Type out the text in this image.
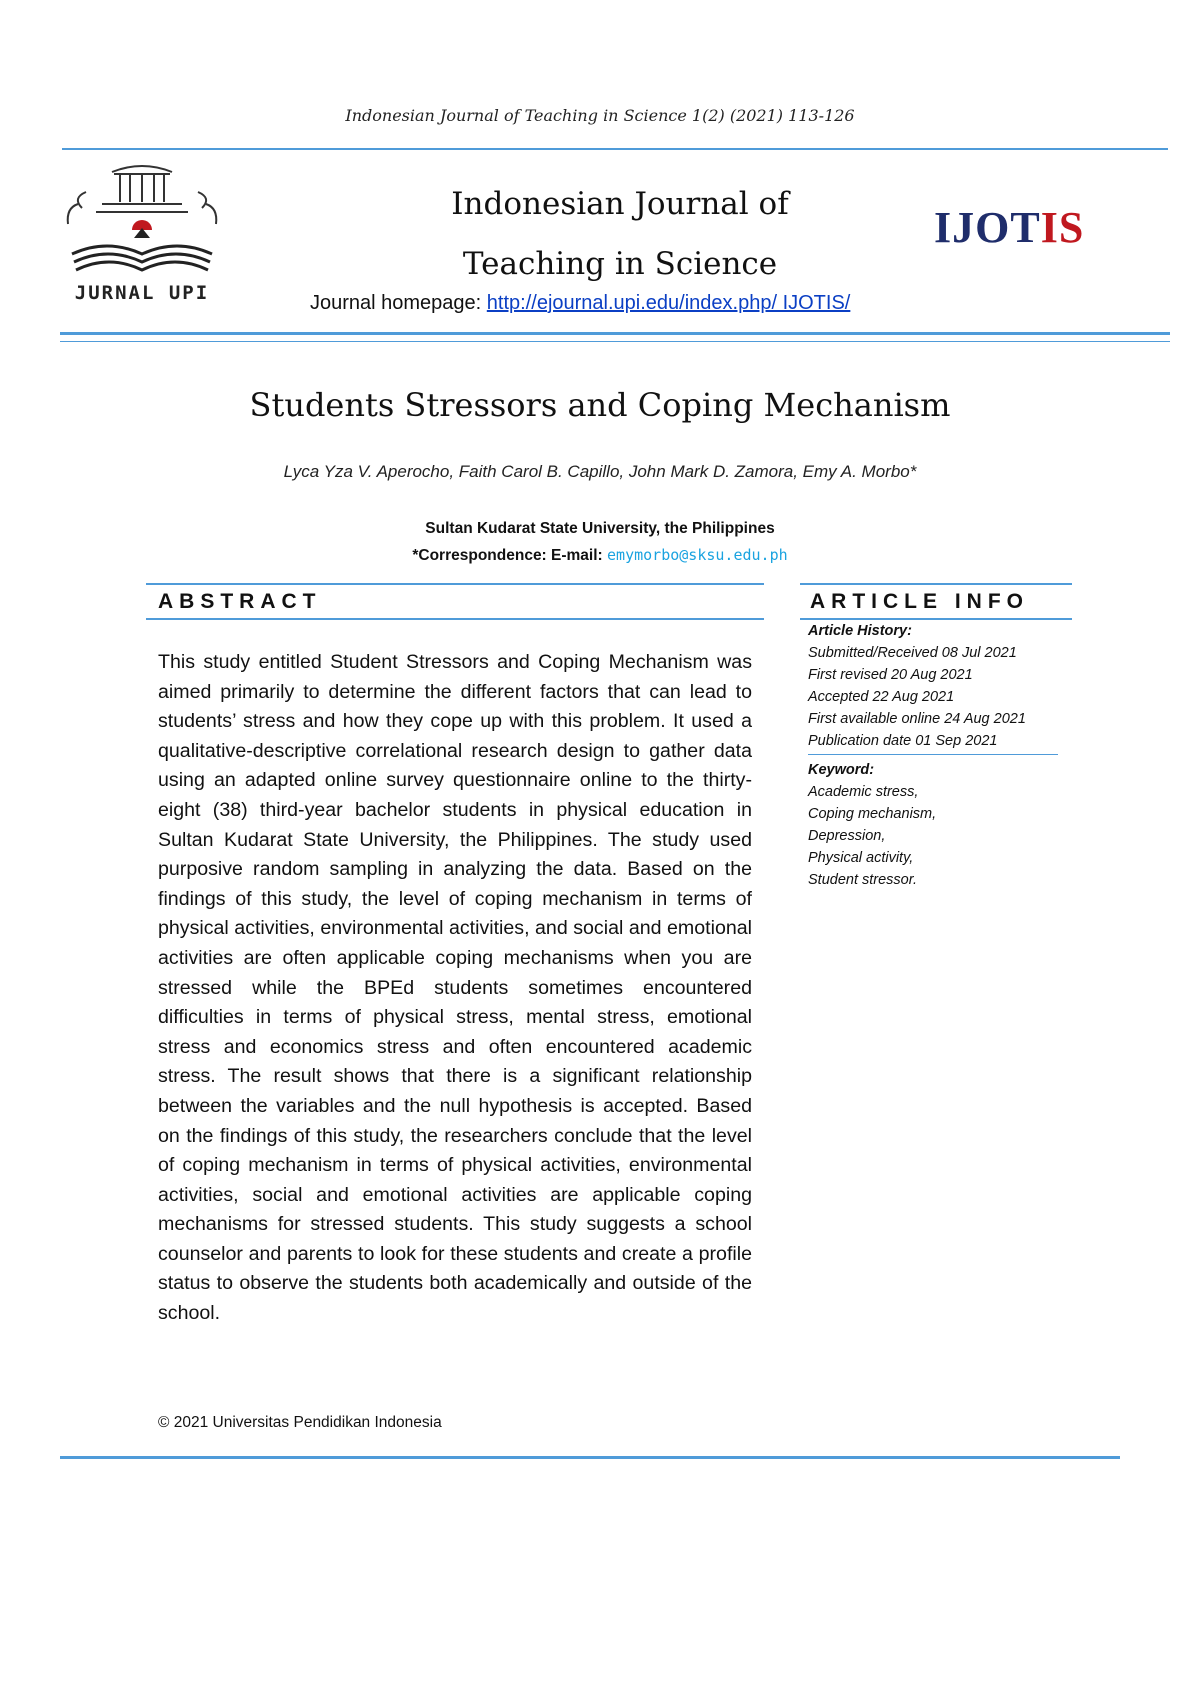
Indonesian Journal of Teaching in Science 1(2) (2021) 113-126
JURNAL UPI
Indonesian Journal of
Teaching in Science
IJOTIS
Journal homepage: http://ejournal.upi.edu/index.php/ IJOTIS/
Students Stressors and Coping Mechanism
Lyca Yza V. Aperocho, Faith Carol B. Capillo, John Mark D. Zamora, Emy A. Morbo*
Sultan Kudarat State University, the Philippines
*Correspondence: E-mail: emymorbo@sksu.edu.ph
ABSTRACT
This study entitled Student Stressors and Coping Mechanism was aimed primarily to determine the different factors that can lead to students’ stress and how they cope up with this problem. It used a qualitative-descriptive correlational research design to gather data using an adapted online survey questionnaire online to the thirty-eight (38) third-year bachelor students in physical education in Sultan Kudarat State University, the Philippines. The study used purposive random sampling in analyzing the data. Based on the findings of this study, the level of coping mechanism in terms of physical activities, environmental activities, and social and emotional activities are often applicable coping mechanisms when you are stressed while the BPEd students sometimes encountered difficulties in terms of physical stress, mental stress, emotional stress and economics stress and often encountered academic stress. The result shows that there is a significant relationship between the variables and the null hypothesis is accepted. Based on the findings of this study, the researchers conclude that the level of coping mechanism in terms of physical activities, environmental activities, social and emotional activities are applicable coping mechanisms for stressed students. This study suggests a school counselor and parents to look for these students and create a profile status to observe the students both academically and outside of the school.
ARTICLE INFO
Article History:
Submitted/Received 08 Jul 2021
First revised 20 Aug 2021
Accepted 22 Aug 2021
First available online 24 Aug 2021
Publication date 01 Sep 2021
Keyword:
Academic stress,
Coping mechanism,
Depression,
Physical activity,
Student stressor.
© 2021 Universitas Pendidikan Indonesia
